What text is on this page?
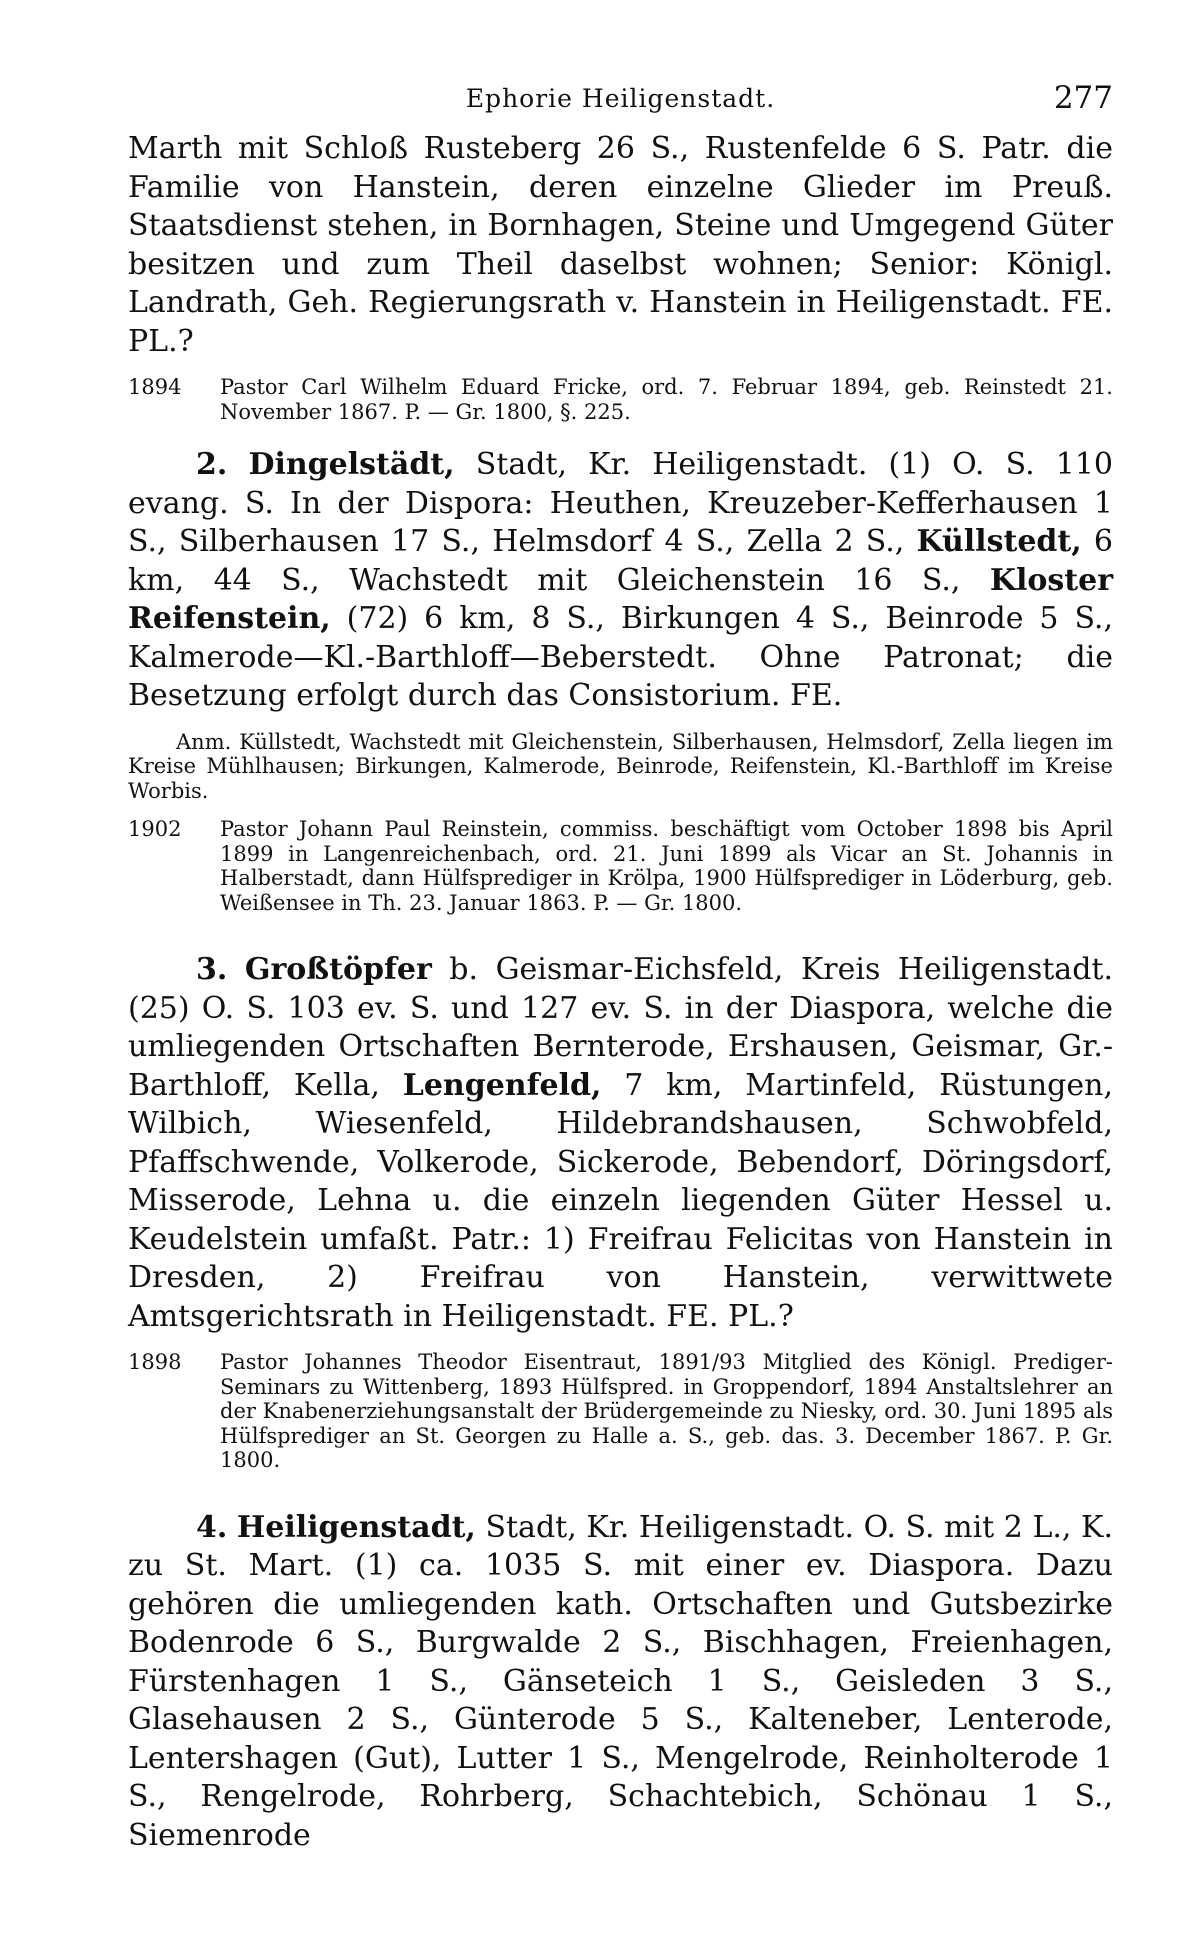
Ephorie Heiligenstadt.	277

Marth mit Schloß Rusteberg 26 S., Rustenfelde 6 S. Patr. die Familie von Hanstein, deren einzelne Glieder im Preuß. Staatsdienst stehen, in Bornhagen, Steine und Umgegend Güter besitzen und zum Theil daselbst wohnen; Senior: Königl. Landrath, Geh. Regierungsrath v. Hanstein in Heiligenstadt. FE. PL.?

1894	Pastor Carl Wilhelm Eduard Fricke, ord. 7. Februar 1894, geb. Reinstedt 21. November 1867. P. — Gr. 1800, §. 225.

2. Dingelstädt, Stadt, Kr. Heiligenstadt. (1) O. S. 110 evang. S. In der Dispora: Heuthen, Kreuzeber-Kefferhausen 1 S., Silberhausen 17 S., Helmsdorf 4 S., Zella 2 S., Küllstedt, 6 km, 44 S., Wachstedt mit Gleichenstein 16 S., Kloster Reifenstein, (72) 6 km, 8 S., Birkungen 4 S., Beinrode 5 S., Kalmerode—Kl.-Barthloff—Beberstedt. Ohne Patronat; die Besetzung erfolgt durch das Consistorium. FE.

Anm. Küllstedt, Wachstedt mit Gleichenstein, Silberhausen, Helmsdorf, Zella liegen im Kreise Mühlhausen; Birkungen, Kalmerode, Beinrode, Reifenstein, Kl.-Barthloff im Kreise Worbis.

1902	Pastor Johann Paul Reinstein, commiss. beschäftigt vom October 1898 bis April 1899 in Langenreichenbach, ord. 21. Juni 1899 als Vicar an St. Johannis in Halberstadt, dann Hülfsprediger in Krölpa, 1900 Hülfsprediger in Löderburg, geb. Weißensee in Th. 23. Januar 1863. P. — Gr. 1800.

3. Großtöpfer b. Geismar-Eichsfeld, Kreis Heiligenstadt. (25) O. S. 103 ev. S. und 127 ev. S. in der Diaspora, welche die umliegenden Ortschaften Bernterode, Ershausen, Geismar, Gr.-Barthloff, Kella, Lengenfeld, 7 km, Martinfeld, Rüstungen, Wilbich, Wiesenfeld, Hildebrandshausen, Schwobfeld, Pfaffschwende, Volkerode, Sickerode, Bebendorf, Döringsdorf, Misserode, Lehna u. die einzeln liegenden Güter Hessel u. Keudelstein umfaßt. Patr.: 1) Freifrau Felicitas von Hanstein in Dresden, 2) Freifrau von Hanstein, verwittwete Amtsgerichtsrath in Heiligenstadt. FE. PL.?

1898	Pastor Johannes Theodor Eisentraut, 1891/93 Mitglied des Königl. Prediger-Seminars zu Wittenberg, 1893 Hülfspred. in Groppendorf, 1894 Anstaltslehrer an der Knabenerziehungsanstalt der Brüdergemeinde zu Niesky, ord. 30. Juni 1895 als Hülfsprediger an St. Georgen zu Halle a. S., geb. das. 3. December 1867. P. Gr. 1800.

4. Heiligenstadt, Stadt, Kr. Heiligenstadt. O. S. mit 2 L., K. zu St. Mart. (1) ca. 1035 S. mit einer ev. Diaspora. Dazu gehören die umliegenden kath. Ortschaften und Gutsbezirke Bodenrode 6 S., Burgwalde 2 S., Bischhagen, Freienhagen, Fürstenhagen 1 S., Gänseteich 1 S., Geisleden 3 S., Glasehausen 2 S., Günterode 5 S., Kalteneber, Lenterode, Lentershagen (Gut), Lutter 1 S., Mengelrode, Reinholterode 1 S., Rengelrode, Rohrberg, Schachtebich, Schönau 1 S., Siemenrode
